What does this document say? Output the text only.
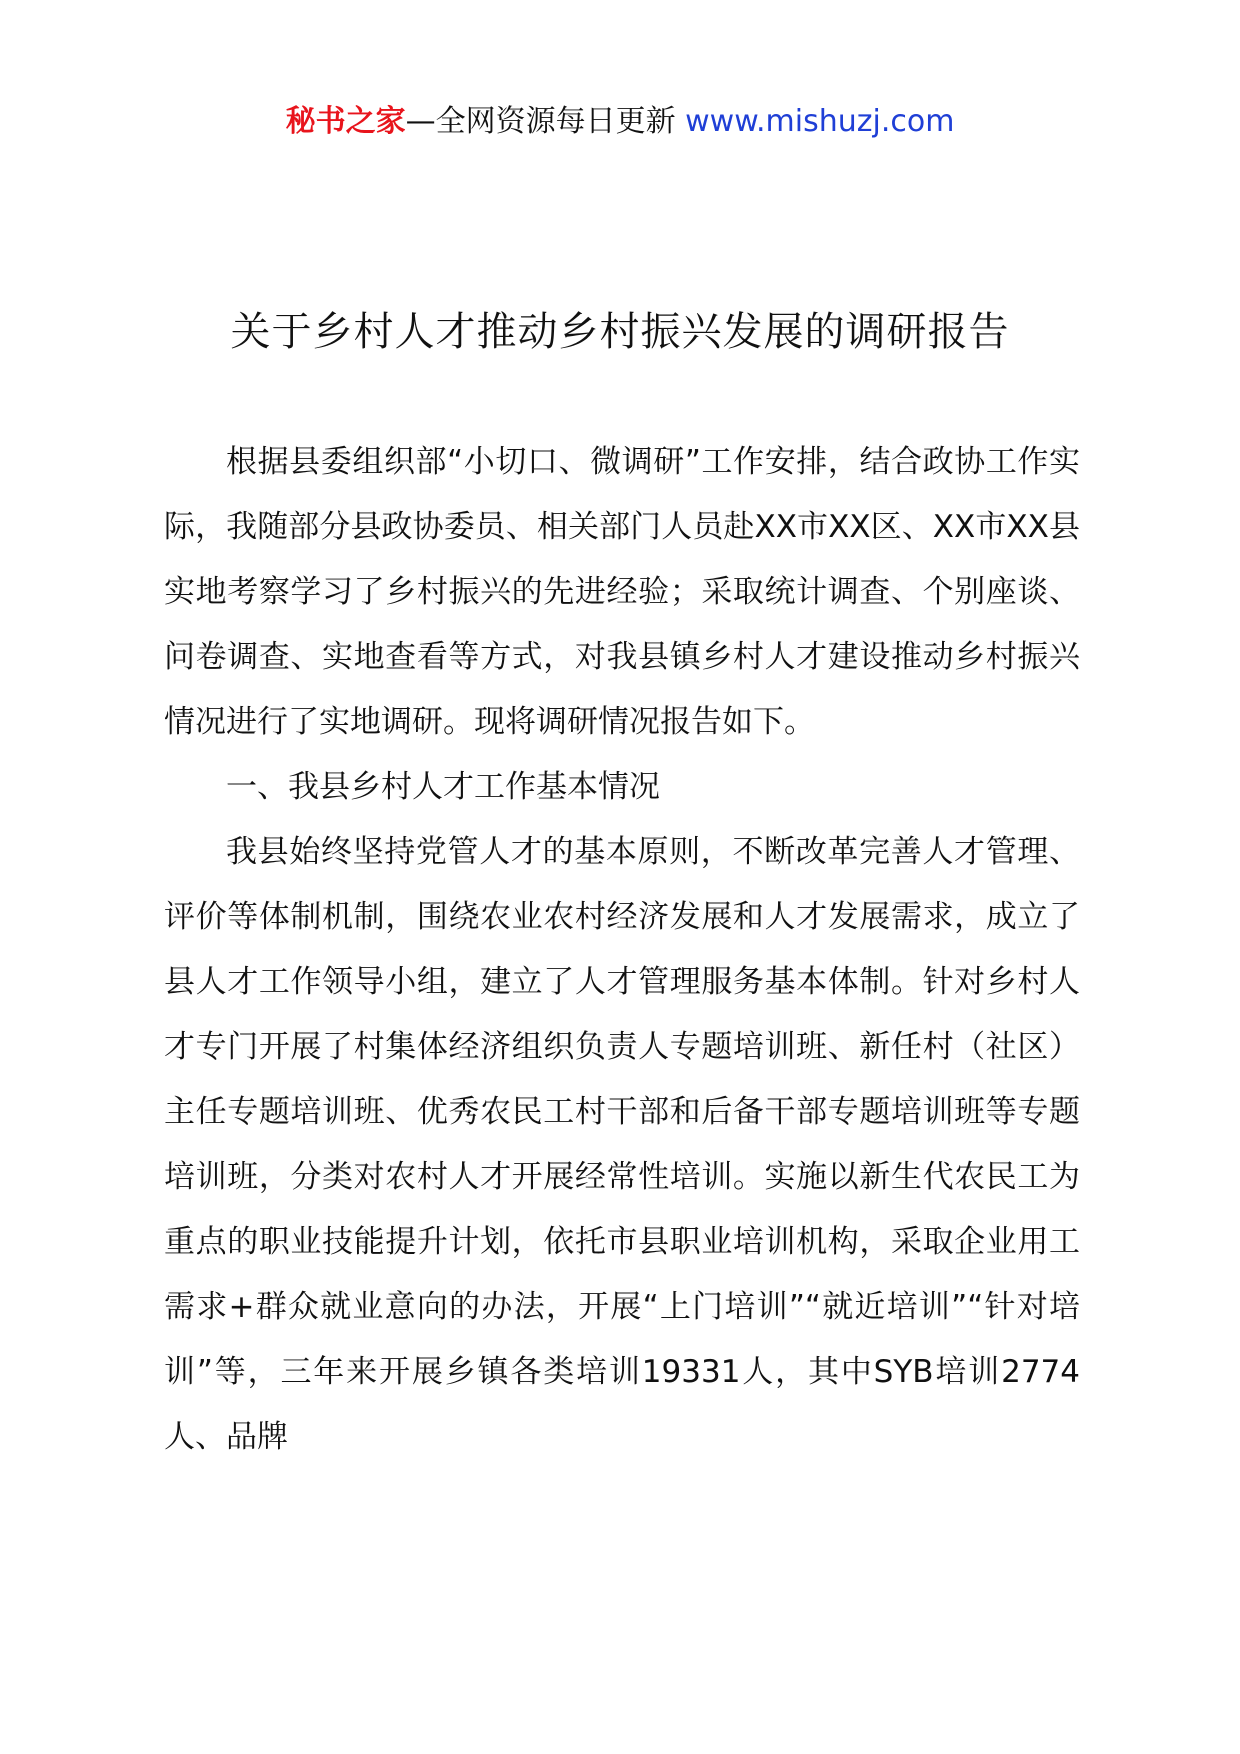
秘书之家—全网资源每日更新 www.mishuzj.com
关于乡村人才推动乡村振兴发展的调研报告

根据县委组织部“小切口、微调研”工作安排，结合政协工作实际，我随部分县政协委员、相关部门人员赴XX市XX区、XX市XX县实地考察学习了乡村振兴的先进经验；采取统计调查、个别座谈、问卷调查、实地查看等方式，对我县镇乡村人才建设推动乡村振兴情况进行了实地调研。现将调研情况报告如下。

一、我县乡村人才工作基本情况

我县始终坚持党管人才的基本原则，不断改革完善人才管理、评价等体制机制，围绕农业农村经济发展和人才发展需求，成立了县人才工作领导小组，建立了人才管理服务基本体制。针对乡村人才专门开展了村集体经济组织负责人专题培训班、新任村（社区）主任专题培训班、优秀农民工村干部和后备干部专题培训班等专题培训班，分类对农村人才开展经常性培训。实施以新生代农民工为重点的职业技能提升计划，依托市县职业培训机构，采取企业用工需求+群众就业意向的办法，开展“上门培训”“就近培训”“针对培训”等，三年来开展乡镇各类培训19331人，其中SYB培训2774人、品牌
